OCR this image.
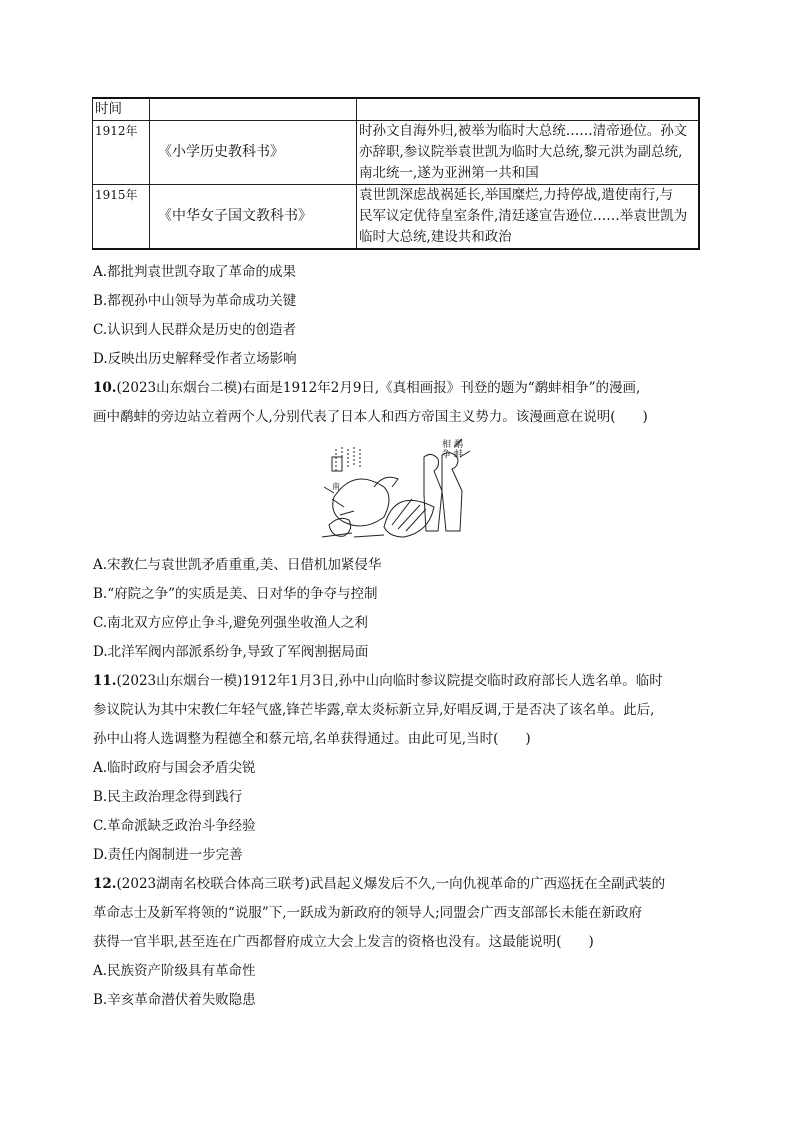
时间		
1912年	《小学历史教科书》	时孙文自海外归,被举为临时大总统……清帝逊位。孙文
亦辞职,参议院举袁世凯为临时大总统,黎元洪为副总统,
南北统一,遂为亚洲第一共和国

1915年	《中华女子国文教科书》	袁世凯深虑战祸延长,举国糜烂,力持停战,遣使南行,与
民军议定优待皇室条件,清廷遂宣告逊位……举袁世凯为
临时大总统,建设共和政治
A.都批判袁世凯夺取了革命的成果
B.都视孙中山领导为革命成功关键
C.认识到人民群众是历史的创造者
D.反映出历史解释受作者立场影响
10.(2023山东烟台二模)右面是1912年2月9日,《真相画报》刊登的题为“鹬蚌相争”的漫画,
画中鹬蚌的旁边站立着两个人,分别代表了日本人和西方帝国主义势力。该漫画意在说明(　　)
鹬蚌相争
南
A.宋教仁与袁世凯矛盾重重,美、日借机加紧侵华
B.“府院之争”的实质是美、日对华的争夺与控制
C.南北双方应停止争斗,避免列强坐收渔人之利
D.北洋军阀内部派系纷争,导致了军阀割据局面
11.(2023山东烟台一模)1912年1月3日,孙中山向临时参议院提交临时政府部长人选名单。临时
参议院认为其中宋教仁年轻气盛,锋芒毕露,章太炎标新立异,好唱反调,于是否决了该名单。此后,
孙中山将人选调整为程德全和蔡元培,名单获得通过。由此可见,当时(　　)
A.临时政府与国会矛盾尖锐
B.民主政治理念得到践行
C.革命派缺乏政治斗争经验
D.责任内阁制进一步完善
12.(2023湖南名校联合体高三联考)武昌起义爆发后不久,一向仇视革命的广西巡抚在全副武装的
革命志士及新军将领的“说服”下,一跃成为新政府的领导人;同盟会广西支部部长未能在新政府
获得一官半职,甚至连在广西都督府成立大会上发言的资格也没有。这最能说明(　　)
A.民族资产阶级具有革命性
B.辛亥革命潜伏着失败隐患
